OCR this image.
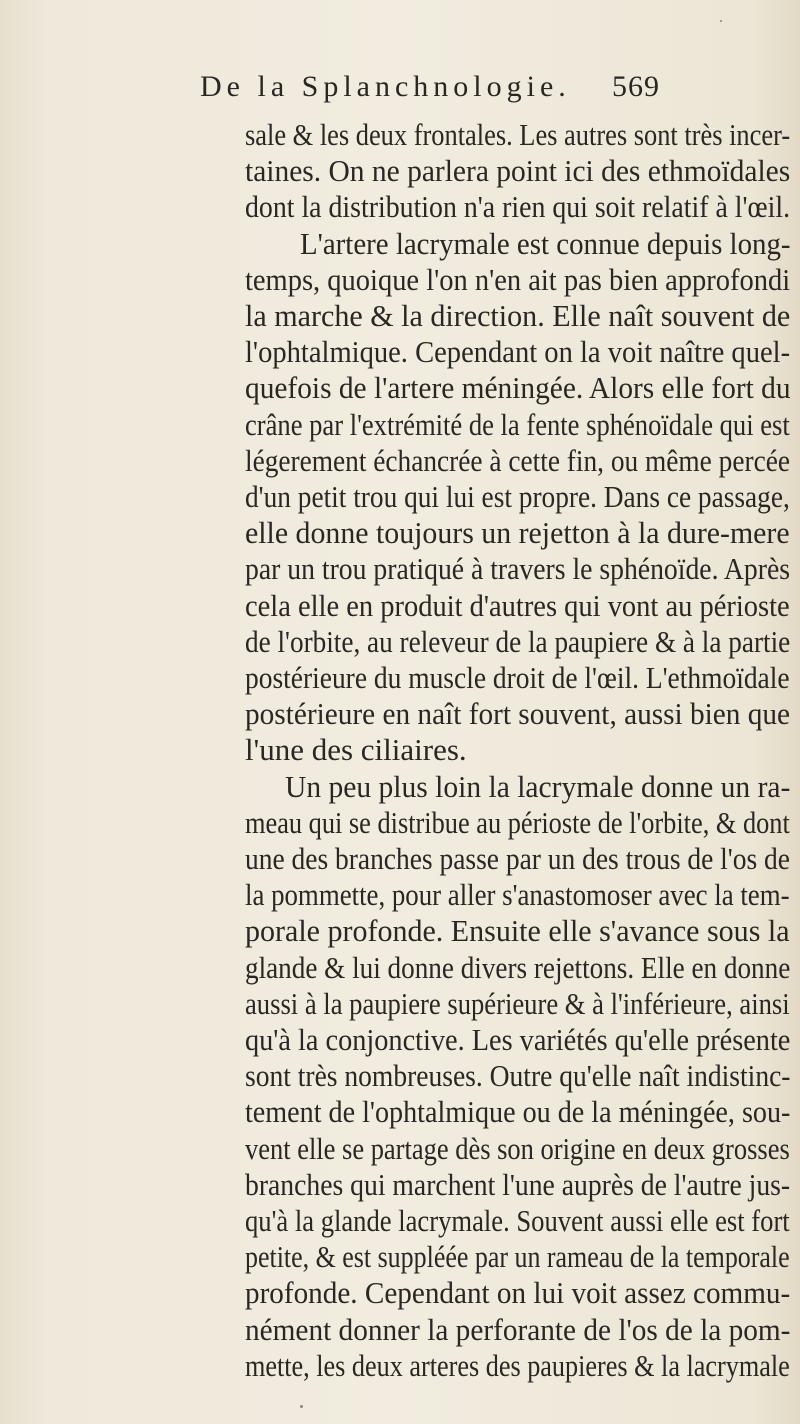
De la Splanchnologie. 569
sale & les deux frontales. Les autres sont très incer-
taines. On ne parlera point ici des ethmoïdales
dont la distribution n'a rien qui soit relatif à l'œil.
L'artere lacrymale est connue depuis long-
temps, quoique l'on n'en ait pas bien approfondi
la marche & la direction. Elle naît souvent de
l'ophtalmique. Cependant on la voit naître quel-
quefois de l'artere méningée. Alors elle fort du
crâne par l'extrémité de la fente sphénoïdale qui est
légerement échancrée à cette fin, ou même percée
d'un petit trou qui lui est propre. Dans ce passage,
elle donne toujours un rejetton à la dure-mere
par un trou pratiqué à travers le sphénoïde. Après
cela elle en produit d'autres qui vont au périoste
de l'orbite, au releveur de la paupiere & à la partie
postérieure du muscle droit de l'œil. L'ethmoïdale
postérieure en naît fort souvent, aussi bien que
l'une des ciliaires.
Un peu plus loin la lacrymale donne un ra-
meau qui se distribue au périoste de l'orbite, & dont
une des branches passe par un des trous de l'os de
la pommette, pour aller s'anastomoser avec la tem-
porale profonde. Ensuite elle s'avance sous la
glande & lui donne divers rejettons. Elle en donne
aussi à la paupiere supérieure & à l'inférieure, ainsi
qu'à la conjonctive. Les variétés qu'elle présente
sont très nombreuses. Outre qu'elle naît indistinc-
tement de l'ophtalmique ou de la méningée, sou-
vent elle se partage dès son origine en deux grosses
branches qui marchent l'une auprès de l'autre jus-
qu'à la glande lacrymale. Souvent aussi elle est fort
petite, & est suppléée par un rameau de la temporale
profonde. Cependant on lui voit assez commu-
nément donner la perforante de l'os de la pom-
mette, les deux arteres des paupieres & la lacrymale
